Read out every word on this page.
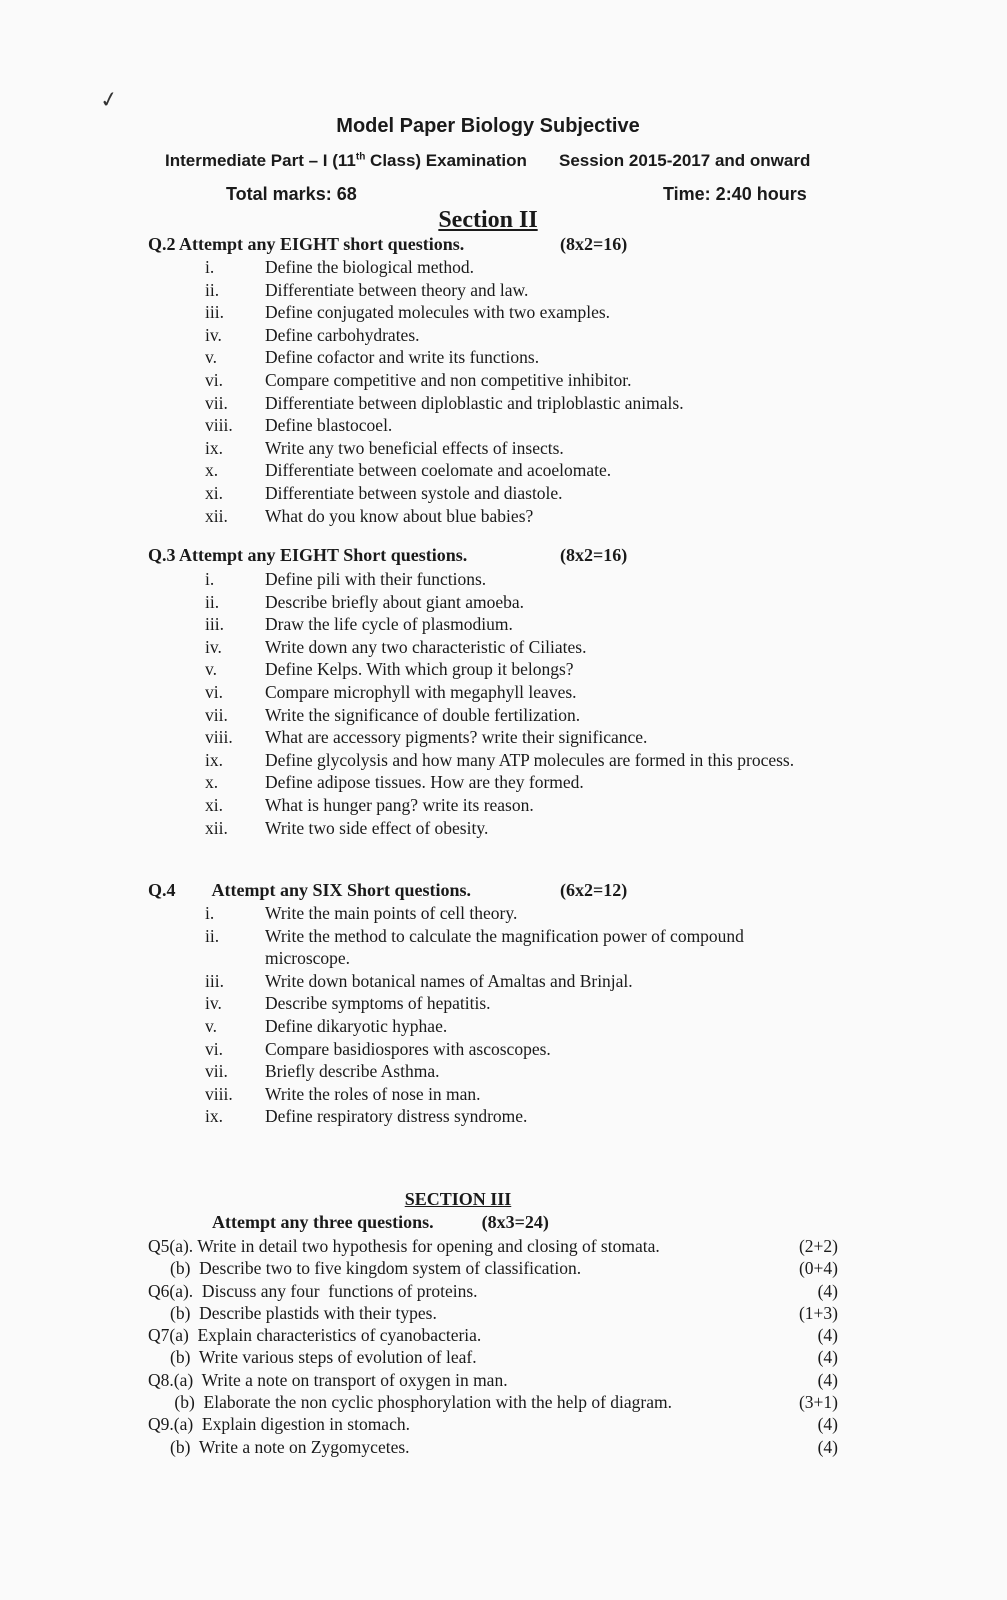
✓
Model Paper Biology Subjective
Intermediate Part – I (11th Class) Examination Session 2015-2017 and onward
Total marks: 68	Time: 2:40 hours
Section II
Q.2 Attempt any EIGHT short questions.	(8x2=16)
i.	Define the biological method.
ii.	Differentiate between theory and law.
iii.	Define conjugated molecules with two examples.
iv.	Define carbohydrates.
v.	Define cofactor and write its functions.
vi.	Compare competitive and non competitive inhibitor.
vii.	Differentiate between diploblastic and triploblastic animals.
viii.	Define blastocoel.
ix.	Write any two beneficial effects of insects.
x.	Differentiate between coelomate and acoelomate.
xi.	Differentiate between systole and diastole.
xii.	What do you know about blue babies?
Q.3 Attempt any EIGHT Short questions.	(8x2=16)
i.	Define pili with their functions.
ii.	Describe briefly about giant amoeba.
iii.	Draw the life cycle of plasmodium.
iv.	Write down any two characteristic of Ciliates.
v.	Define Kelps. With which group it belongs?
vi.	Compare microphyll with megaphyll leaves.
vii.	Write the significance of double fertilization.
viii.	What are accessory pigments? write their significance.
ix.	Define glycolysis and how many ATP molecules are formed in this process.
x.	Define adipose tissues. How are they formed.
xi.	What is hunger pang? write its reason.
xii.	Write two side effect of obesity.
Q.4 Attempt any SIX Short questions.	(6x2=12)
i.	Write the main points of cell theory.
ii.	Write the method to calculate the magnification power of compound microscope.
iii.	Write down botanical names of Amaltas and Brinjal.
iv.	Describe symptoms of hepatitis.
v.	Define dikaryotic hyphae.
vi.	Compare basidiospores with ascoscopes.
vii.	Briefly describe Asthma.
viii.	Write the roles of nose in man.
ix.	Define respiratory distress syndrome.
SECTION III
Attempt any three questions.	(8x3=24)
Q5(a). Write in detail two hypothesis for opening and closing of stomata.	(2+2)
(b)  Describe two to five kingdom system of classification.	(0+4)
Q6(a).  Discuss any four  functions of proteins.	(4)
(b)  Describe plastids with their types.	(1+3)
Q7(a)  Explain characteristics of cyanobacteria.	(4)
(b)  Write various steps of evolution of leaf.	(4)
Q8.(a)  Write a note on transport of oxygen in man.	(4)
(b)  Elaborate the non cyclic phosphorylation with the help of diagram.	(3+1)
Q9.(a)  Explain digestion in stomach.	(4)
(b)  Write a note on Zygomycetes.	(4)
